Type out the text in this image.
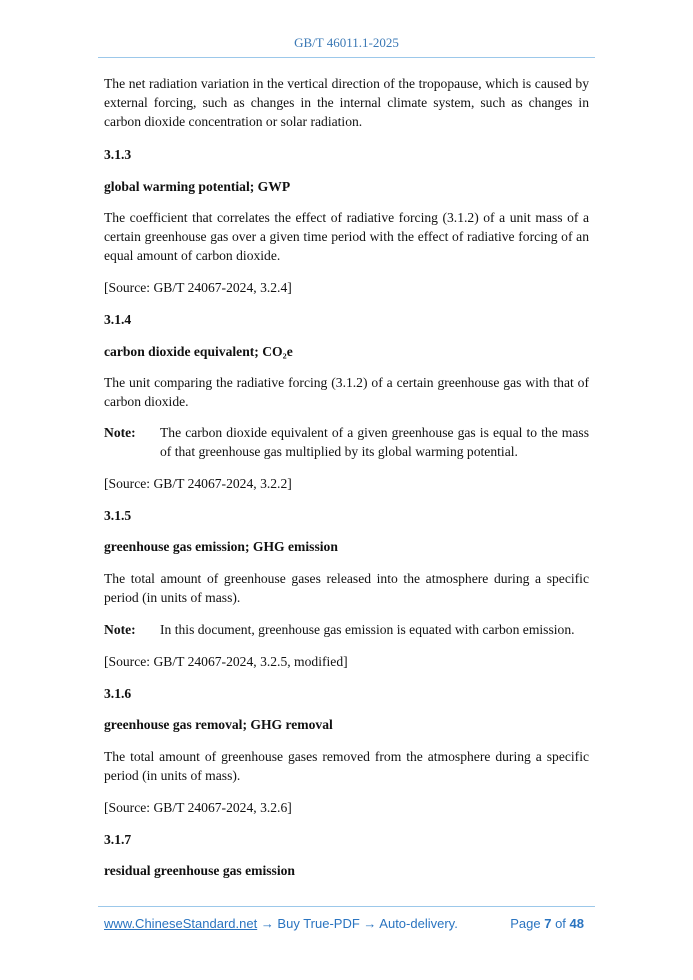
GB/T 46011.1-2025
The net radiation variation in the vertical direction of the tropopause, which is caused by external forcing, such as changes in the internal climate system, such as changes in carbon dioxide concentration or solar radiation.
3.1.3
global warming potential; GWP
The coefficient that correlates the effect of radiative forcing (3.1.2) of a unit mass of a certain greenhouse gas over a given time period with the effect of radiative forcing of an equal amount of carbon dioxide.
[Source: GB/T 24067-2024, 3.2.4]
3.1.4
carbon dioxide equivalent; CO₂e
The unit comparing the radiative forcing (3.1.2) of a certain greenhouse gas with that of carbon dioxide.
Note:	The carbon dioxide equivalent of a given greenhouse gas is equal to the mass of that greenhouse gas multiplied by its global warming potential.
[Source: GB/T 24067-2024, 3.2.2]
3.1.5
greenhouse gas emission; GHG emission
The total amount of greenhouse gases released into the atmosphere during a specific period (in units of mass).
Note:	In this document, greenhouse gas emission is equated with carbon emission.
[Source: GB/T 24067-2024, 3.2.5, modified]
3.1.6
greenhouse gas removal; GHG removal
The total amount of greenhouse gases removed from the atmosphere during a specific period (in units of mass).
[Source: GB/T 24067-2024, 3.2.6]
3.1.7
residual greenhouse gas emission
www.ChineseStandard.net → Buy True-PDF → Auto-delivery.	Page 7 of 48
